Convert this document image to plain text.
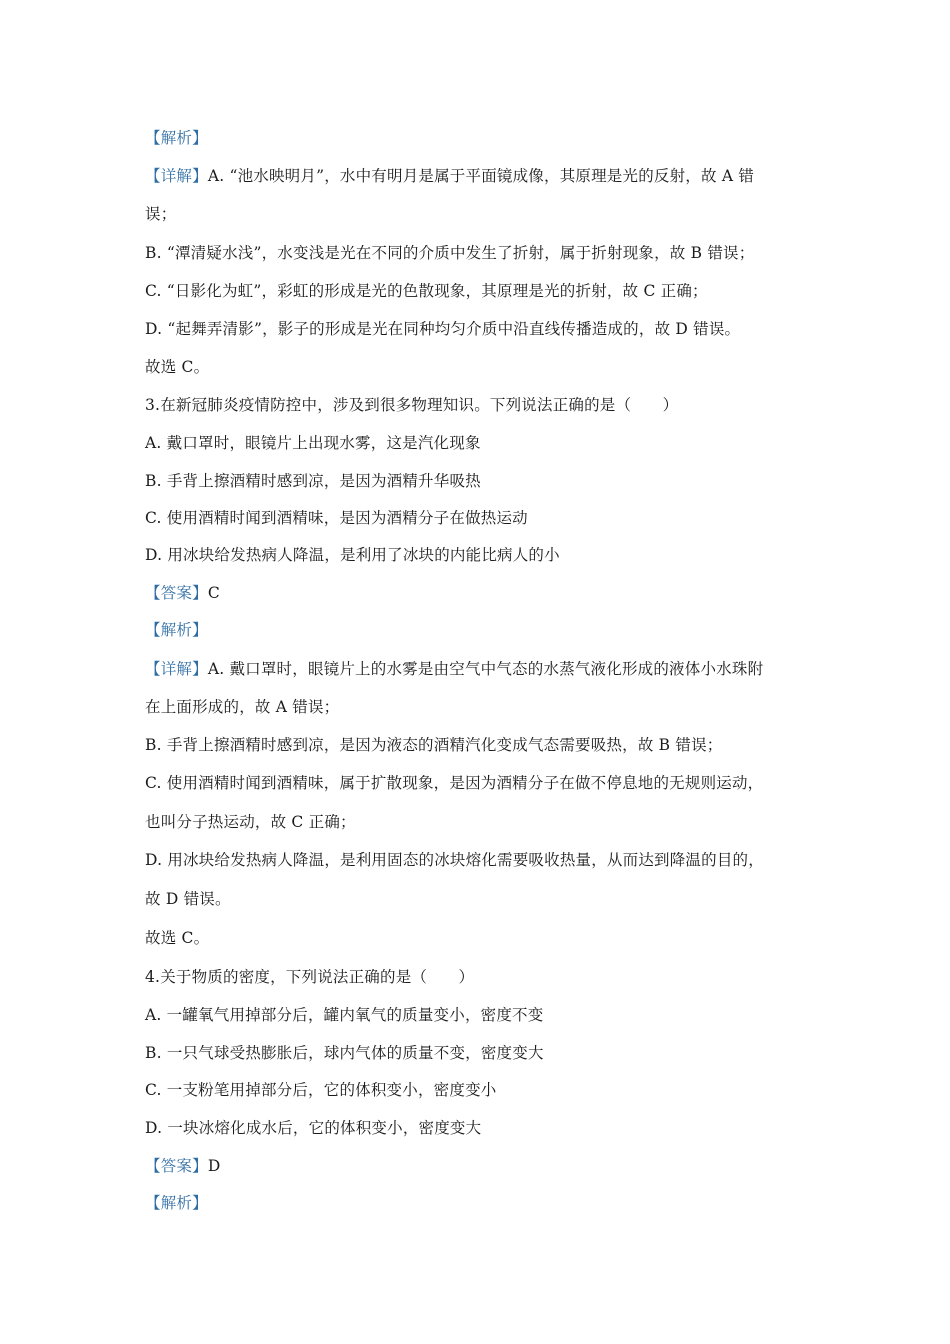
【解析】
【详解】A. “池水映明月”，水中有明月是属于平面镜成像，其原理是光的反射，故 A 错
误；
B. “潭清疑水浅”，水变浅是光在不同的介质中发生了折射，属于折射现象，故 B 错误；
C. “日影化为虹”，彩虹的形成是光的色散现象，其原理是光的折射，故 C 正确；
D. “起舞弄清影”，影子的形成是光在同种均匀介质中沿直线传播造成的，故 D 错误。
故选 C。
3.在新冠肺炎疫情防控中，涉及到很多物理知识。下列说法正确的是（　　）
A. 戴口罩时，眼镜片上出现水雾，这是汽化现象
B. 手背上擦酒精时感到凉，是因为酒精升华吸热
C. 使用酒精时闻到酒精味，是因为酒精分子在做热运动
D. 用冰块给发热病人降温，是利用了冰块的内能比病人的小
【答案】C
【解析】
【详解】A. 戴口罩时，眼镜片上的水雾是由空气中气态的水蒸气液化形成的液体小水珠附
在上面形成的，故 A 错误；
B. 手背上擦酒精时感到凉，是因为液态的酒精汽化变成气态需要吸热，故 B 错误；
C. 使用酒精时闻到酒精味，属于扩散现象，是因为酒精分子在做不停息地的无规则运动，
也叫分子热运动，故 C 正确；
D. 用冰块给发热病人降温，是利用固态的冰块熔化需要吸收热量，从而达到降温的目的，
故 D 错误。
故选 C。
4.关于物质的密度，下列说法正确的是（　　）
A. 一罐氧气用掉部分后，罐内氧气的质量变小，密度不变
B. 一只气球受热膨胀后，球内气体的质量不变，密度变大
C. 一支粉笔用掉部分后，它的体积变小，密度变小
D. 一块冰熔化成水后，它的体积变小，密度变大
【答案】D
【解析】
